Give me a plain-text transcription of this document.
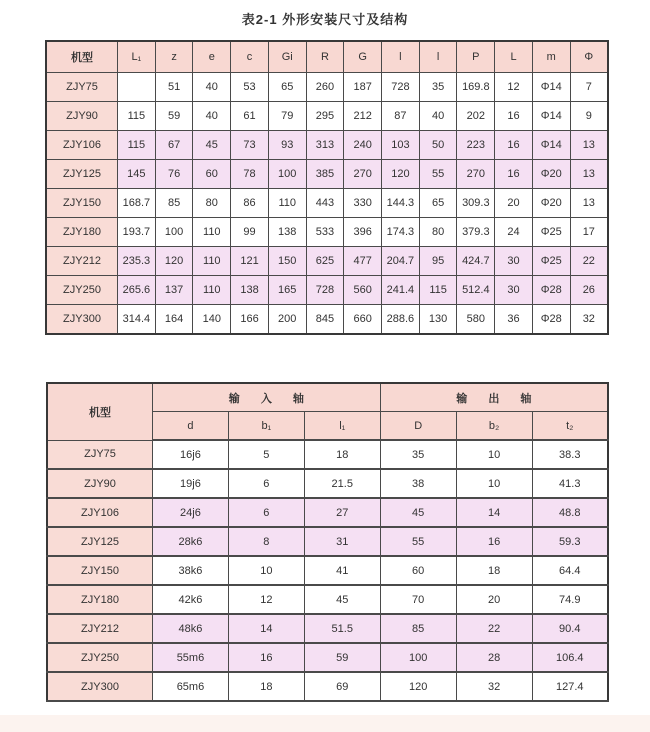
表2-1 外形安装尺寸及结构
机型	L₁	z	e	c	Gi	R	G	l	l	P	L	m	Φ
ZJY75		51	40	53	65	260	187	728	35	169.8	12	Φ14	7
ZJY90	115	59	40	61	79	295	212	87	40	202	16	Φ14	9
ZJY106	115	67	45	73	93	313	240	103	50	223	16	Φ14	13
ZJY125	145	76	60	78	100	385	270	120	55	270	16	Φ20	13
ZJY150	168.7	85	80	86	110	443	330	144.3	65	309.3	20	Φ20	13
ZJY180	193.7	100	110	99	138	533	396	174.3	80	379.3	24	Φ25	17
ZJY212	235.3	120	110	121	150	625	477	204.7	95	424.7	30	Φ25	22
ZJY250	265.6	137	110	138	165	728	560	241.4	115	512.4	30	Φ28	26
ZJY300	314.4	164	140	166	200	845	660	288.6	130	580	36	Φ28	32
机型	输 入 轴			输 出 轴		
	d	b₁	l₁	D	b₂	t₂
ZJY75	16j6	5	18	35	10	38.3
ZJY90	19j6	6	21.5	38	10	41.3
ZJY106	24j6	6	27	45	14	48.8
ZJY125	28k6	8	31	55	16	59.3
ZJY150	38k6	10	41	60	18	64.4
ZJY180	42k6	12	45	70	20	74.9
ZJY212	48k6	14	51.5	85	22	90.4
ZJY250	55m6	16	59	100	28	106.4
ZJY300	65m6	18	69	120	32	127.4
